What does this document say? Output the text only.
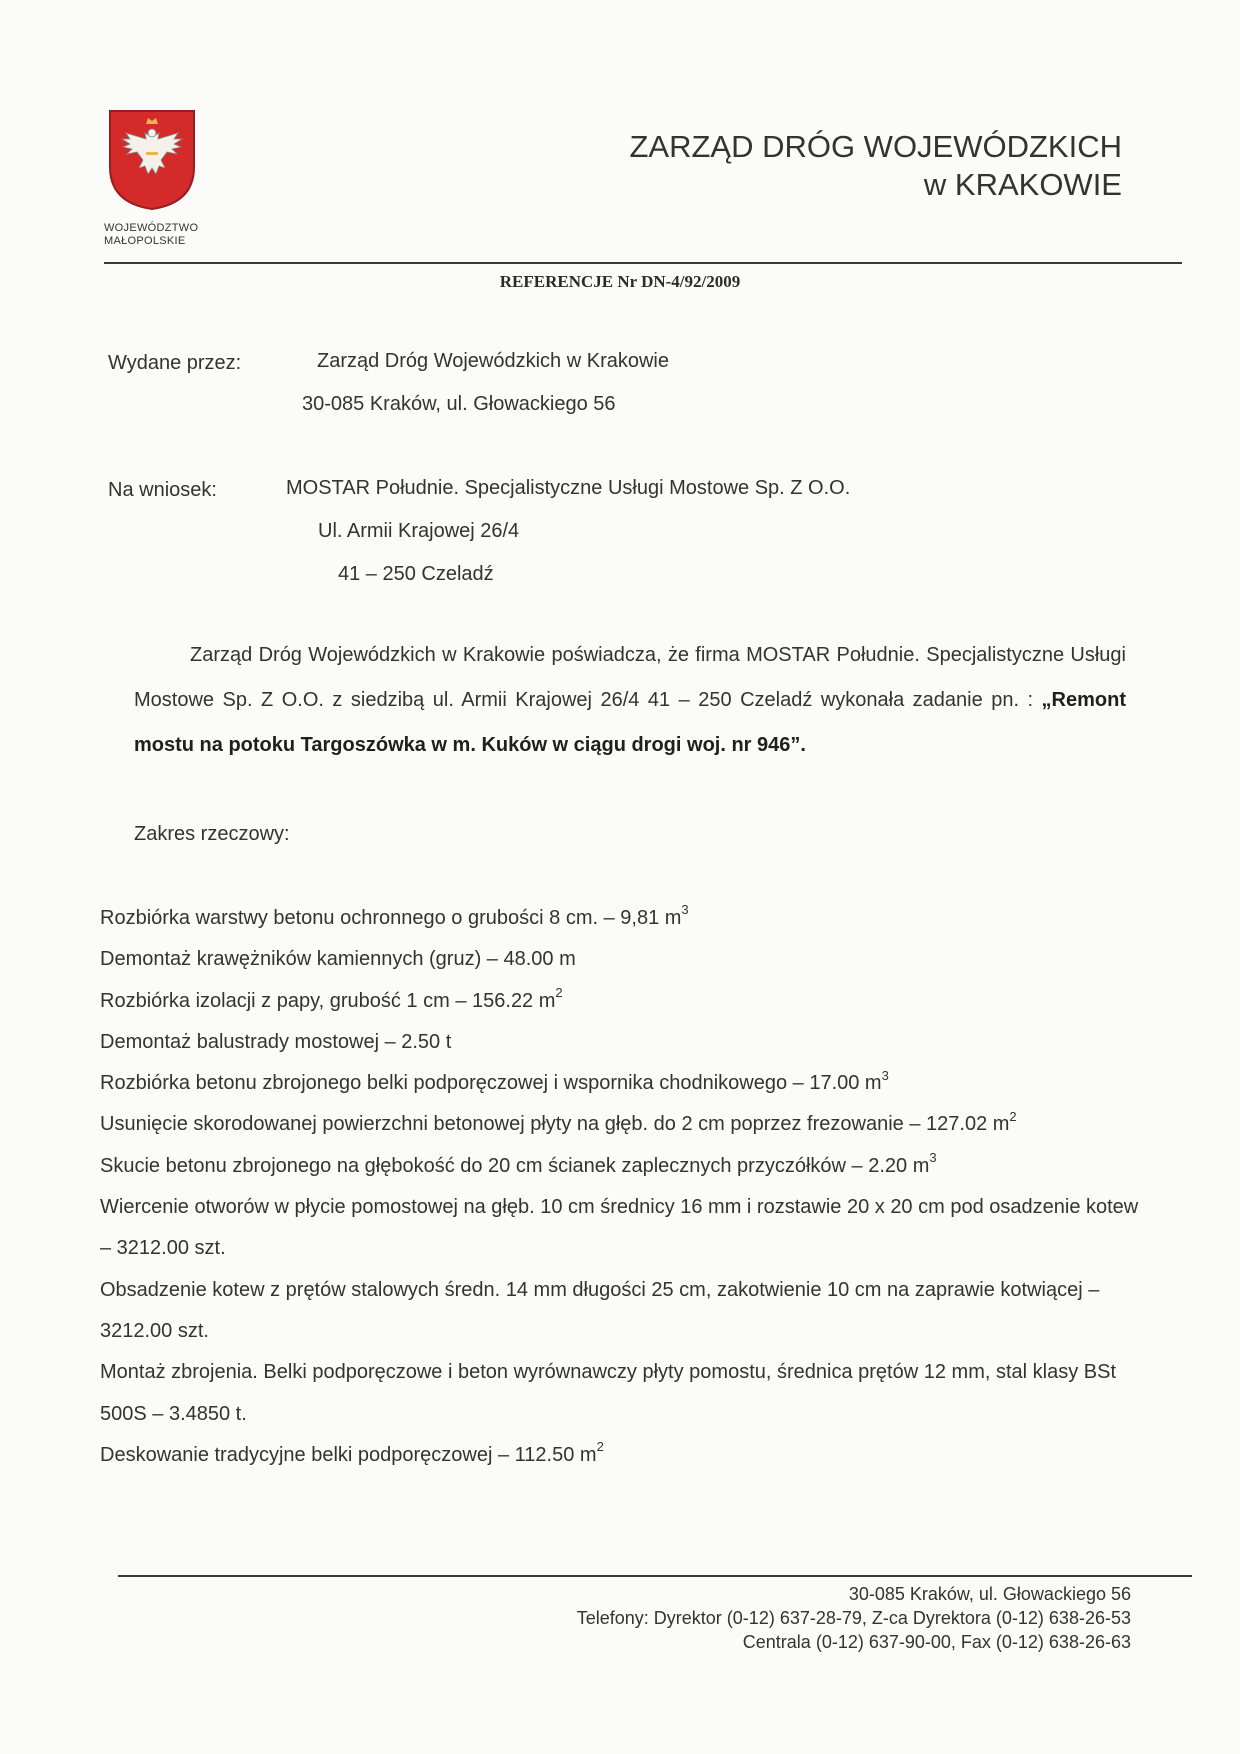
WOJEWÓDZTWO
MAŁOPOLSKIE
ZARZĄD DRÓG WOJEWÓDZKICH
w KRAKOWIE
REFERENCJE Nr DN-4/92/2009
Wydane przez:	Zarząd Dróg Wojewódzkich w Krakowie
30-085 Kraków, ul. Głowackiego 56
Na wniosek:	MOSTAR Południe. Specjalistyczne Usługi Mostowe Sp. Z O.O.
Ul. Armii Krajowej 26/4
41 – 250 Czeladź
Zarząd Dróg Wojewódzkich w Krakowie poświadcza, że firma MOSTAR Południe. Specjalistyczne Usługi Mostowe Sp. Z O.O. z siedzibą ul. Armii Krajowej 26/4 41 – 250 Czeladź wykonała zadanie pn. : „Remont mostu na potoku Targoszówka w m. Kuków w ciągu drogi woj. nr 946”.
Zakres rzeczowy:
Rozbiórka warstwy betonu ochronnego o grubości 8 cm. – 9,81 $m^3$
Demontaż krawężników kamiennych (gruz) – 48.00 m
Rozbiórka izolacji z papy, grubość 1 cm – 156.22 $m^2$
Demontaż balustrady mostowej – 2.50 t
Rozbiórka betonu zbrojonego belki podporęczowej i wspornika chodnikowego – 17.00 $m^3$
Usunięcie skorodowanej powierzchni betonowej płyty na głęb. do 2 cm poprzez frezowanie – 127.02 $m^2$
Skucie betonu zbrojonego na głębokość do 20 cm ścianek zaplecznych przyczółków – 2.20 $m^3$
Wiercenie otworów w płycie pomostowej na głęb. 10 cm średnicy 16 mm i rozstawie 20 x 20 cm pod osadzenie kotew – 3212.00 szt.
Obsadzenie kotew z prętów stalowych średn. 14 mm długości 25 cm, zakotwienie 10 cm na zaprawie kotwiącej – 3212.00 szt.
Montaż zbrojenia. Belki podporęczowe i beton wyrównawczy płyty pomostu, średnica prętów 12 mm, stal klasy BSt 500S – 3.4850 t.
Deskowanie tradycyjne belki podporęczowej – 112.50 $m^2$
30-085 Kraków, ul. Głowackiego 56
Telefony: Dyrektor (0-12) 637-28-79, Z-ca Dyrektora (0-12) 638-26-53
Centrala (0-12) 637-90-00, Fax (0-12) 638-26-63
